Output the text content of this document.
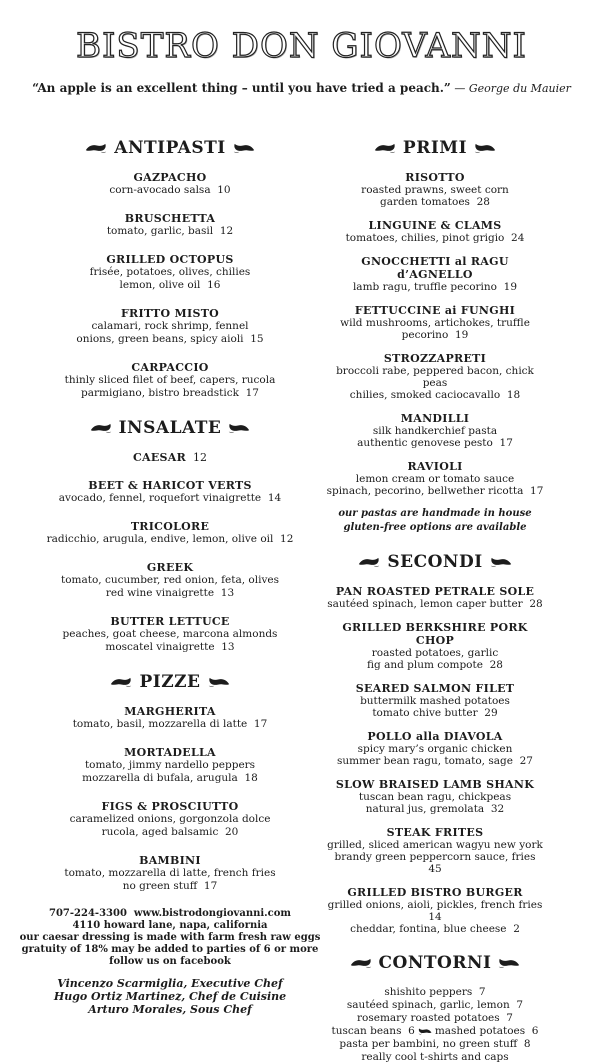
BISTRO DON GIOVANNI
“An apple is an excellent thing – until you have tried a peach.” — George du Mauier
ANTIPASTI
GAZPACHO
corn-avocado salsa  10
BRUSCHETTA
tomato, garlic, basil  12
GRILLED OCTOPUS
frisée, potatoes, olives, chilies
lemon, olive oil  16
FRITTO MISTO
calamari, rock shrimp, fennel
onions, green beans, spicy aioli  15
CARPACCIO
thinly sliced filet of beef, capers, rucola
parmigiano, bistro breadstick  17
INSALATE
CAESAR  12
BEET & HARICOT VERTS
avocado, fennel, roquefort vinaigrette  14
TRICOLORE
radicchio, arugula, endive, lemon, olive oil  12
GREEK
tomato, cucumber, red onion, feta, olives
red wine vinaigrette  13
BUTTER LETTUCE
peaches, goat cheese, marcona almonds
moscatel vinaigrette  13
PIZZE
MARGHERITA
tomato, basil, mozzarella di latte  17
MORTADELLA
tomato, jimmy nardello peppers
mozzarella di bufala, arugula  18
FIGS & PROSCIUTTO
caramelized onions, gorgonzola dolce
rucola, aged balsamic  20
BAMBINI
tomato, mozzarella di latte, french fries
no green stuff  17
707-224-3300  www.bistrodongiovanni.com
4110 howard lane, napa, california
our caesar dressing is made with farm fresh raw eggs
gratuity of 18% may be added to parties of 6 or more
follow us on facebook
Vincenzo Scarmiglia, Executive Chef
Hugo Ortiz Martinez, Chef de Cuisine
Arturo Morales, Sous Chef
PRIMI
RISOTTO
roasted prawns, sweet corn
garden tomatoes  28
LINGUINE & CLAMS
tomatoes, chilies, pinot grigio  24
GNOCCHETTI al RAGU d’AGNELLO
lamb ragu, truffle pecorino  19
FETTUCCINE ai FUNGHI
wild mushrooms, artichokes, truffle pecorino  19
STROZZAPRETI
broccoli rabe, peppered bacon, chick peas
chilies, smoked caciocavallo  18
MANDILLI
silk handkerchief pasta
authentic genovese pesto  17
RAVIOLI
lemon cream or tomato sauce
spinach, pecorino, bellwether ricotta  17
our pastas are handmade in house
gluten-free options are available
SECONDI
PAN ROASTED PETRALE SOLE
sautéed spinach, lemon caper butter  28
GRILLED BERKSHIRE PORK CHOP
roasted potatoes, garlic
fig and plum compote  28
SEARED SALMON FILET
buttermilk mashed potatoes
tomato chive butter  29
POLLO alla DIAVOLA
spicy mary’s organic chicken
summer bean ragu, tomato, sage  27
SLOW BRAISED LAMB SHANK
tuscan bean ragu, chickpeas
natural jus, gremolata  32
STEAK FRITES
grilled, sliced american wagyu new york
brandy green peppercorn sauce, fries  45
GRILLED BISTRO BURGER
grilled onions, aioli, pickles, french fries  14
cheddar, fontina, blue cheese  2
CONTORNI
shishito peppers  7
sautéed spinach, garlic, lemon  7
rosemary roasted potatoes  7
tuscan beans  6 mashed potatoes  6
pasta per bambini, no green stuff  8
really cool t-shirts and caps
